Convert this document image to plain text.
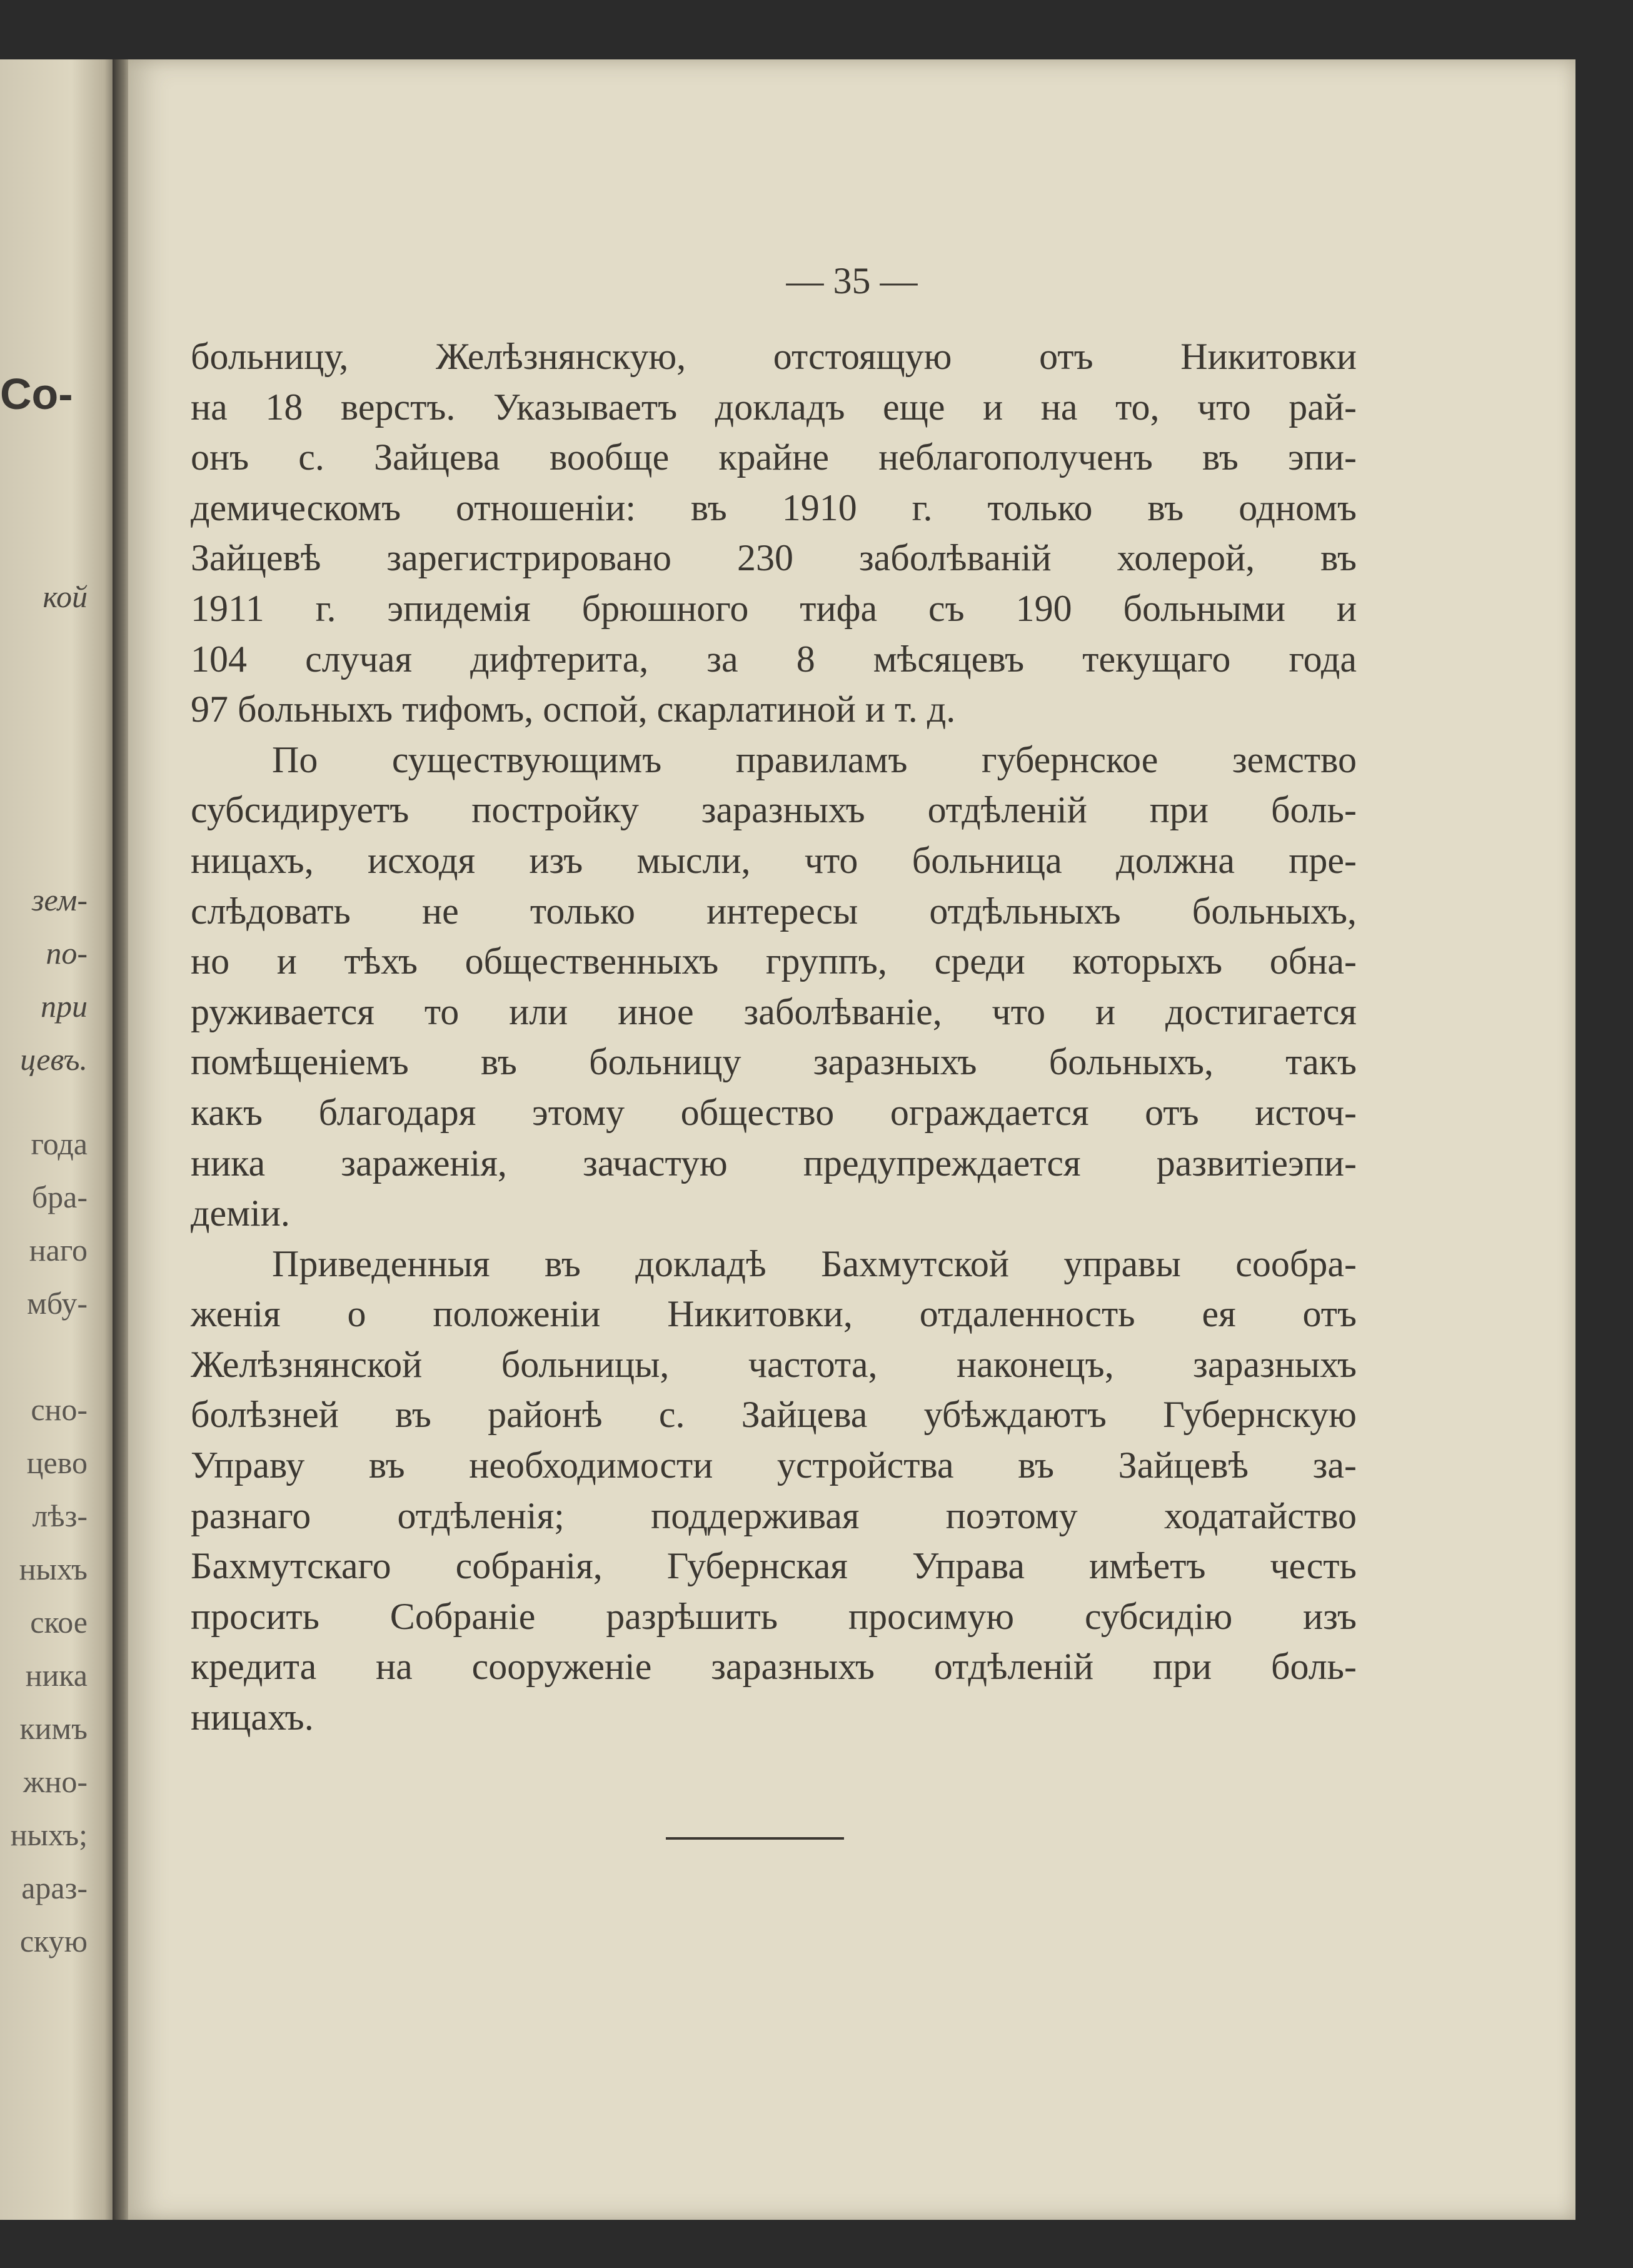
Со-
кой
зем-
по-
при
цевъ.
года
бра-
наго
мбу-
сно-
цево
лѣз-
ныхъ
ское
ника
кимъ
жно-
ныхъ;
араз-
скую
— 35 —
больницу, Желѣзнянскую, отстоящую отъ Никитовки
на 18 верстъ. Указываетъ докладъ еще и на то, что рай-
онъ с. Зайцева вообще крайне неблагополученъ въ эпи-
демическомъ отношеніи: въ 1910 г. только въ одномъ
Зайцевѣ зарегистрировано 230 заболѣваній холерой, въ
1911 г. эпидемія брюшного тифа съ 190 больными и
104 случая дифтерита, за 8 мѣсяцевъ текущаго года
97 больныхъ тифомъ, оспой, скарлатиной и т. д.
По существующимъ правиламъ губернское земство
субсидируетъ постройку заразныхъ отдѣленій при боль-
ницахъ, исходя изъ мысли, что больница должна пре-
слѣдовать не только интересы отдѣльныхъ больныхъ,
но и тѣхъ общественныхъ группъ, среди которыхъ обна-
руживается то или иное заболѣваніе, что и достигается
помѣщеніемъ въ больницу заразныхъ больныхъ, такъ
какъ благодаря этому общество ограждается отъ источ-
ника зараженія, зачастую предупреждается развитіеэпи-
деміи.
Приведенныя въ докладѣ Бахмутской управы сообра-
женія о положеніи Никитовки, отдаленность ея отъ
Желѣзнянской больницы, частота, наконецъ, заразныхъ
болѣзней въ районѣ с. Зайцева убѣждаютъ Губернскую
Управу въ необходимости устройства въ Зайцевѣ за-
разнаго отдѣленія; поддерживая поэтому ходатайство
Бахмутскаго собранія, Губернская Управа имѣетъ честь
просить Собраніе разрѣшить просимую субсидію изъ
кредита на сооруженіе заразныхъ отдѣленій при боль-
ницахъ.
